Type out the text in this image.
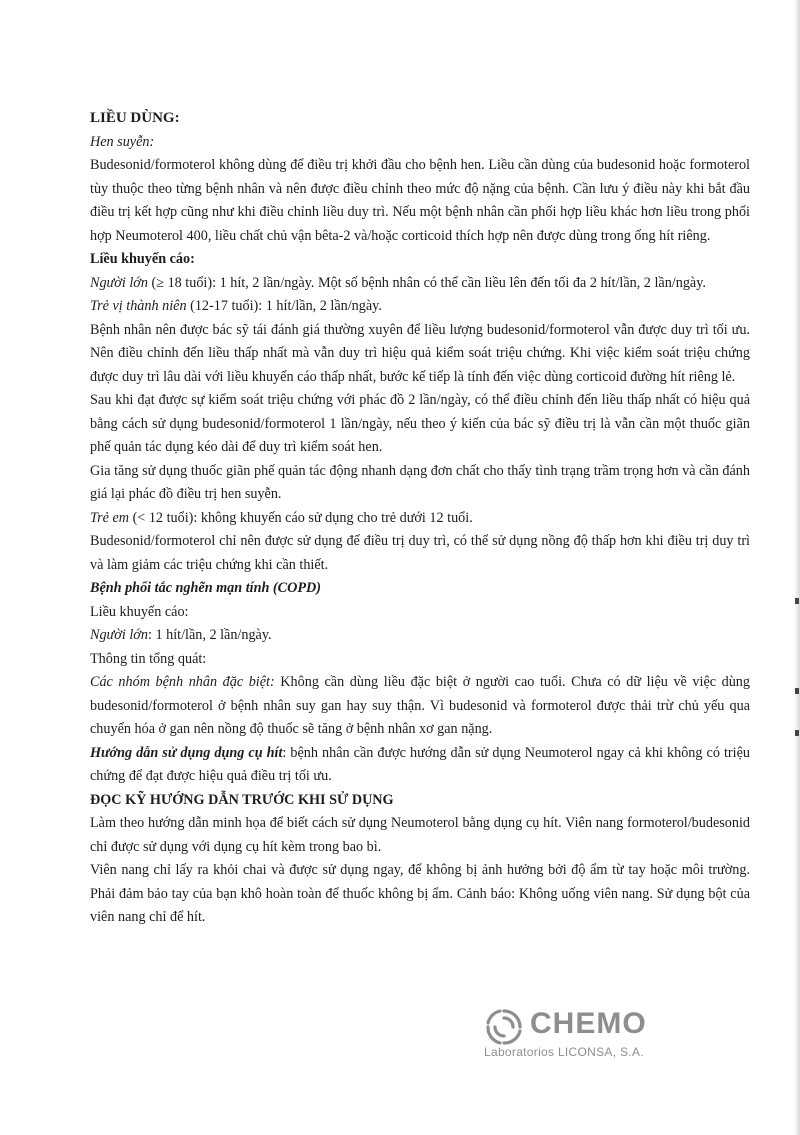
LIỀU DÙNG:

Hen suyễn:

Budesonid/formoterol không dùng để điều trị khởi đầu cho bệnh hen. Liều cần dùng của budesonid hoặc formoterol tùy thuộc theo từng bệnh nhân và nên được điều chỉnh theo mức độ nặng của bệnh. Cần lưu ý điều này khi bắt đầu điều trị kết hợp cũng như khi điều chỉnh liều duy trì. Nếu một bệnh nhân cần phối hợp liều khác hơn liều trong phối hợp Neumoterol 400, liều chất chủ vận bêta-2 và/hoặc corticoid thích hợp nên được dùng trong ống hít riêng.

Liều khuyến cáo:

Người lớn (≥ 18 tuổi): 1 hít, 2 lần/ngày. Một số bệnh nhân có thể cần liều lên đến tối đa 2 hít/lần, 2 lần/ngày.

Trẻ vị thành niên (12-17 tuổi): 1 hít/lần, 2 lần/ngày.

Bệnh nhân nên được bác sỹ tái đánh giá thường xuyên để liều lượng budesonid/formoterol vẫn được duy trì tối ưu. Nên điều chỉnh đến liều thấp nhất mà vẫn duy trì hiệu quả kiểm soát triệu chứng. Khi việc kiểm soát triệu chứng được duy trì lâu dài với liều khuyến cáo thấp nhất, bước kế tiếp là tính đến việc dùng corticoid đường hít riêng lẻ.

Sau khi đạt được sự kiểm soát triệu chứng với phác đồ 2 lần/ngày, có thể điều chỉnh đến liều thấp nhất có hiệu quả bằng cách sử dụng budesonid/formoterol 1 lần/ngày, nếu theo ý kiến của bác sỹ điều trị là vẫn cần một thuốc giãn phế quản tác dụng kéo dài để duy trì kiểm soát hen.

Gia tăng sử dụng thuốc giãn phế quản tác động nhanh dạng đơn chất cho thấy tình trạng trầm trọng hơn và cần đánh giá lại phác đồ điều trị hen suyễn.

Trẻ em (< 12 tuổi): không khuyến cáo sử dụng cho trẻ dưới 12 tuổi.

Budesonid/formoterol chỉ nên được sử dụng để điều trị duy trì, có thể sử dụng nồng độ thấp hơn khi điều trị duy trì và làm giảm các triệu chứng khi cần thiết.

Bệnh phổi tắc nghẽn mạn tính (COPD)

Liều khuyến cáo:

Người lớn: 1 hít/lần, 2 lần/ngày.

Thông tin tổng quát:

Các nhóm bệnh nhân đặc biệt: Không cần dùng liều đặc biệt ở người cao tuổi. Chưa có dữ liệu về việc dùng budesonid/formoterol ở bệnh nhân suy gan hay suy thận. Vì budesonid và formoterol được thải trừ chủ yếu qua chuyển hóa ở gan nên nồng độ thuốc sẽ tăng ở bệnh nhân xơ gan nặng.

Hướng dẫn sử dụng dụng cụ hít: bệnh nhân cần được hướng dẫn sử dụng Neumoterol ngay cả khi không có triệu chứng để đạt được hiệu quả điều trị tối ưu.

ĐỌC KỸ HƯỚNG DẪN TRƯỚC KHI SỬ DỤNG

Làm theo hướng dẫn minh họa để biết cách sử dụng Neumoterol bằng dụng cụ hít. Viên nang formoterol/budesonid chỉ được sử dụng với dụng cụ hít kèm trong bao bì.

Viên nang chỉ lấy ra khỏi chai và được sử dụng ngay, để không bị ảnh hưởng bởi độ ẩm từ tay hoặc môi trường. Phải đảm bảo tay của bạn khô hoàn toàn để thuốc không bị ẩm. Cảnh báo: Không uống viên nang. Sử dụng bột của viên nang chỉ để hít.

CHEMO
Laboratorios LICONSA, S.A.
